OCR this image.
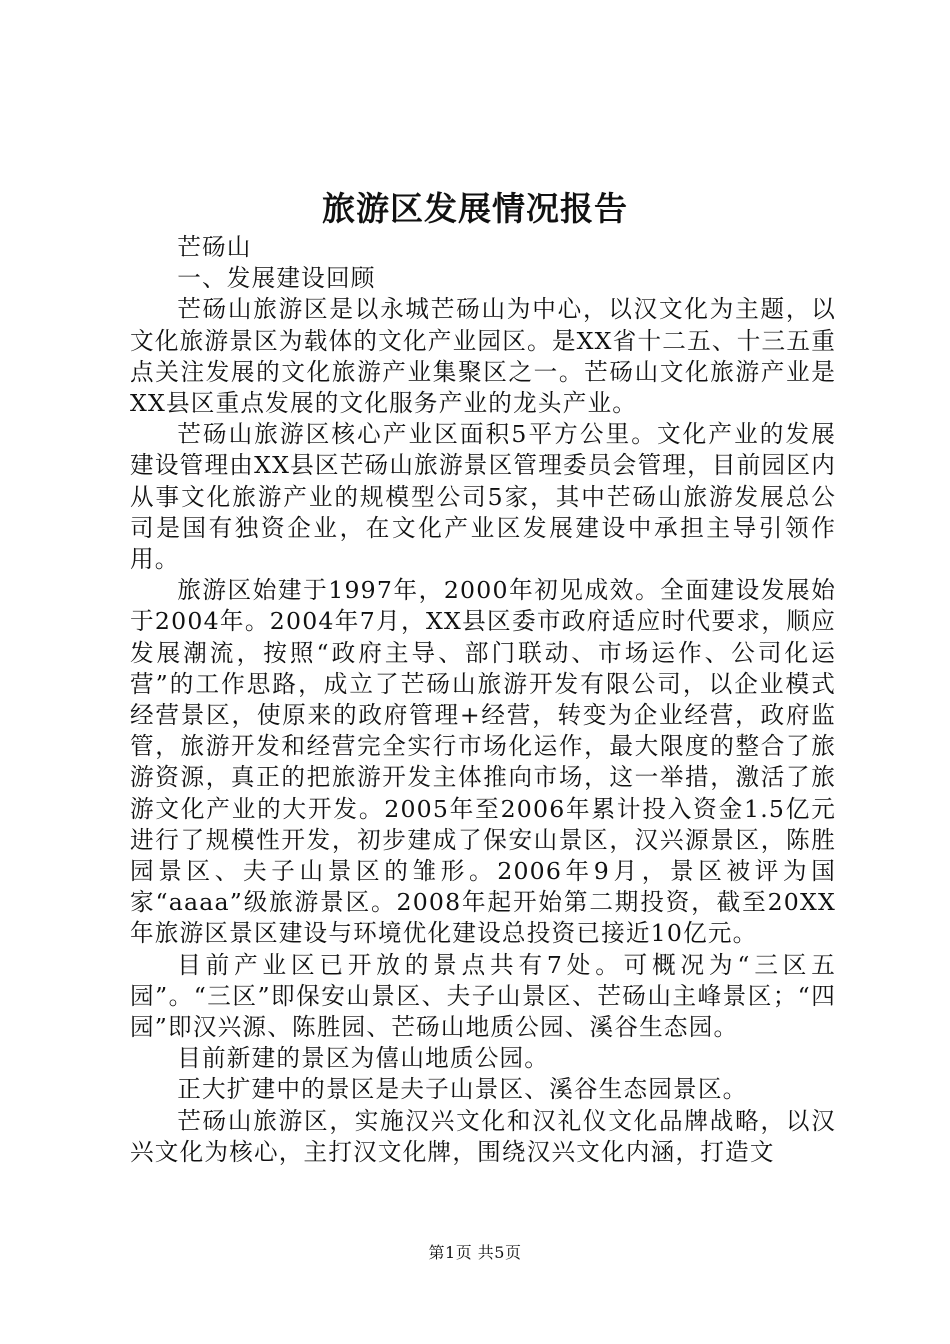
旅游区发展情况报告

芒砀山

一、发展建设回顾

芒砀山旅游区是以永城芒砀山为中心，以汉文化为主题，以文化旅游景区为载体的文化产业园区。是XX省十二五、十三五重点关注发展的文化旅游产业集聚区之一。芒砀山文化旅游产业是XX县区重点发展的文化服务产业的龙头产业。

芒砀山旅游区核心产业区面积5平方公里。文化产业的发展建设管理由XX县区芒砀山旅游景区管理委员会管理，目前园区内从事文化旅游产业的规模型公司5家，其中芒砀山旅游发展总公司是国有独资企业，在文化产业区发展建设中承担主导引领作用。

旅游区始建于1997年，2000年初见成效。全面建设发展始于2004年。2004年7月，XX县区委市政府适应时代要求，顺应发展潮流，按照“政府主导、部门联动、市场运作、公司化运营”的工作思路，成立了芒砀山旅游开发有限公司，以企业模式经营景区，使原来的政府管理+经营，转变为企业经营，政府监管，旅游开发和经营完全实行市场化运作，最大限度的整合了旅游资源，真正的把旅游开发主体推向市场，这一举措，激活了旅游文化产业的大开发。2005年至2006年累计投入资金1.5亿元进行了规模性开发，初步建成了保安山景区，汉兴源景区，陈胜园景区、夫子山景区的雏形。2006年9月，景区被评为国家“aaaa”级旅游景区。2008年起开始第二期投资，截至20XX年旅游区景区建设与环境优化建设总投资已接近10亿元。

目前产业区已开放的景点共有7处。可概况为“三区五园”。“三区”即保安山景区、夫子山景区、芒砀山主峰景区；“四园”即汉兴源、陈胜园、芒砀山地质公园、溪谷生态园。

目前新建的景区为僖山地质公园。

正大扩建中的景区是夫子山景区、溪谷生态园景区。

芒砀山旅游区，实施汉兴文化和汉礼仪文化品牌战略，以汉兴文化为核心，主打汉文化牌，围绕汉兴文化内涵，打造文

第1页 共5页
